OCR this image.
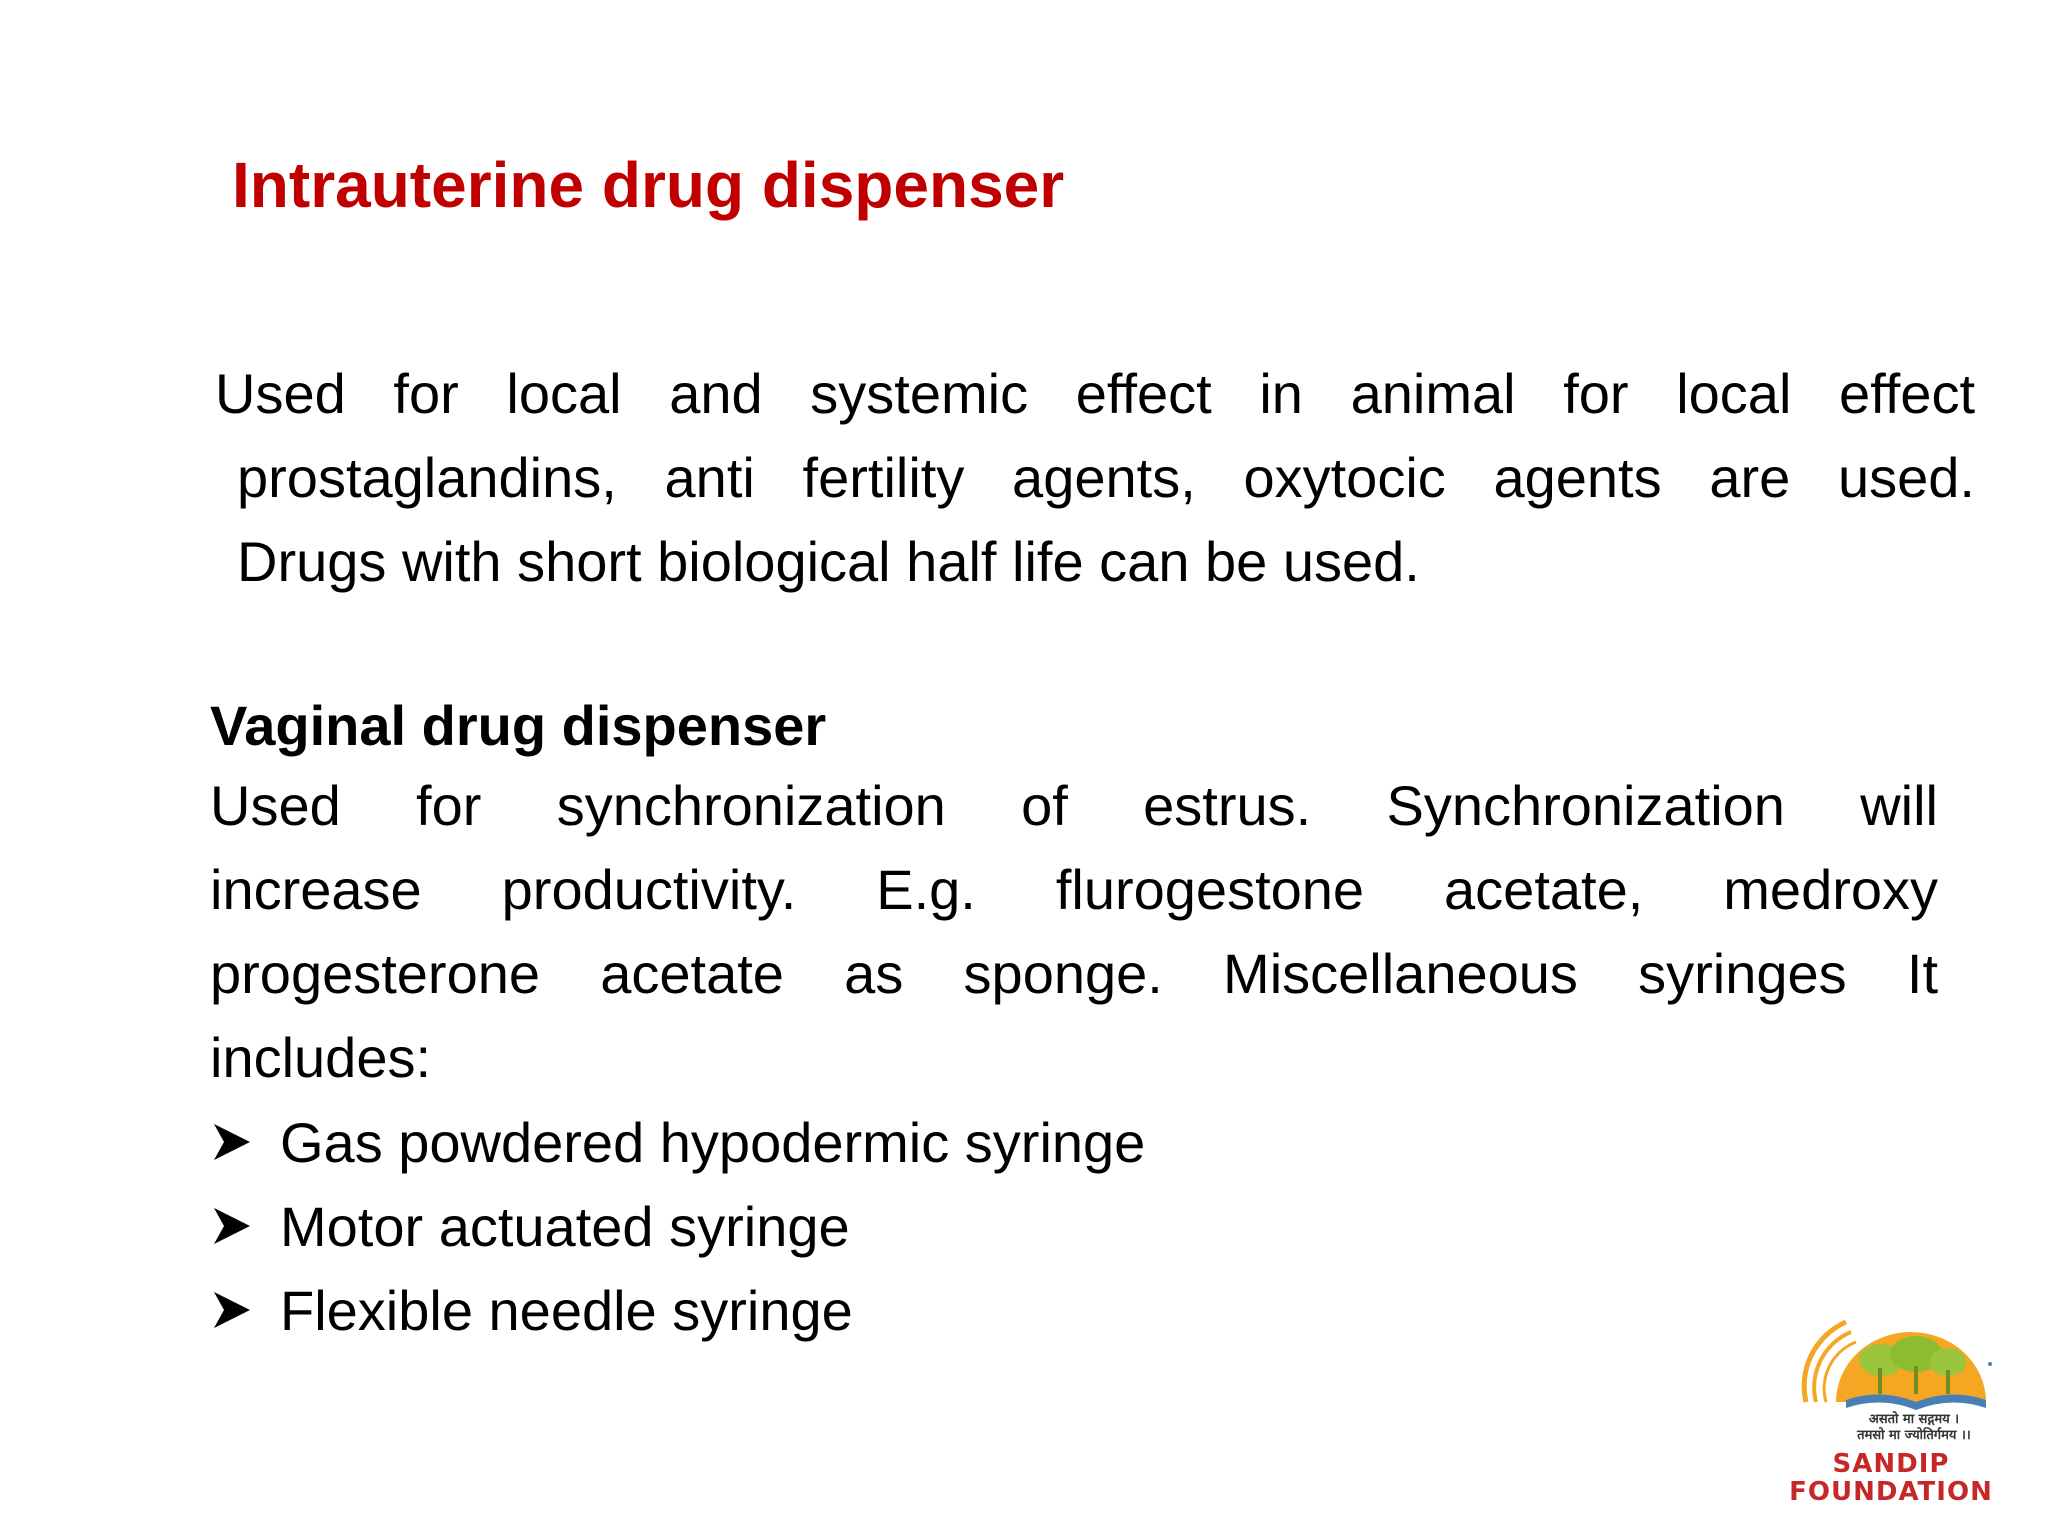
Intrauterine drug dispenser

Used for local and systemic effect in animal for local effect
prostaglandins, anti fertility agents, oxytocic agents are used.
Drugs with short biological half life can be used.

Vaginal drug dispenser

Used for synchronization of estrus. Synchronization will
increase productivity. E.g. flurogestone acetate, medroxy
progesterone acetate as sponge. Miscellaneous syringes It
includes:

Gas powdered hypodermic syringe
Motor actuated syringe
Flexible needle syringe
असतो मा सद्गमय ।
तमसो मा ज्योतिर्गमय ।।
SANDIP
FOUNDATION
